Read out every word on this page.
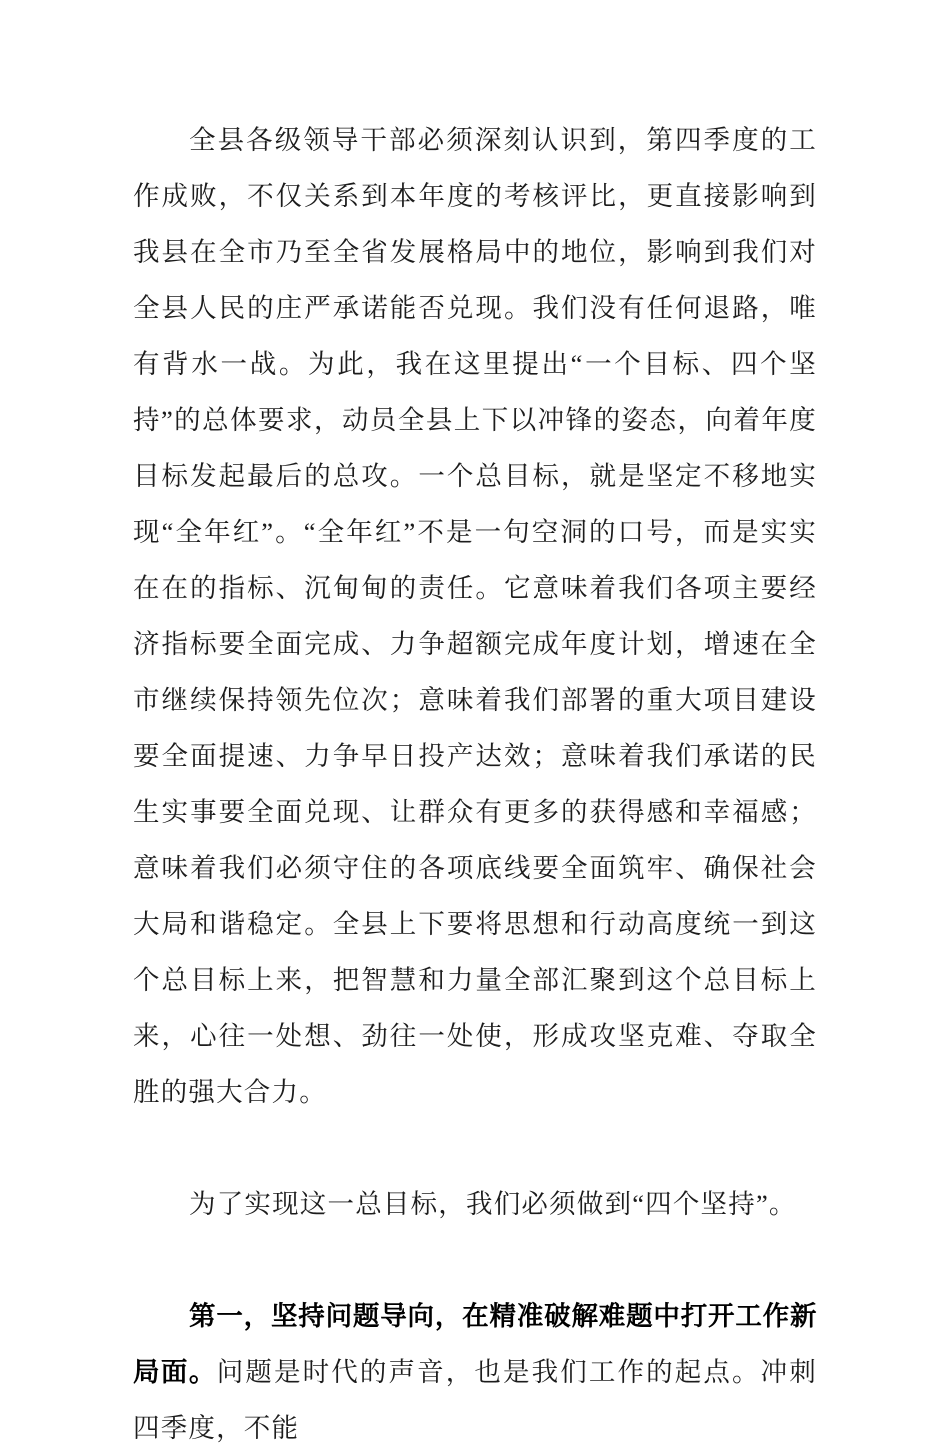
全县各级领导干部必须深刻认识到，第四季度的工作成败，不仅关系到本年度的考核评比，更直接影响到我县在全市乃至全省发展格局中的地位，影响到我们对全县人民的庄严承诺能否兑现。我们没有任何退路，唯有背水一战。为此，我在这里提出“一个目标、四个坚持”的总体要求，动员全县上下以冲锋的姿态，向着年度目标发起最后的总攻。一个总目标，就是坚定不移地实现“全年红”。“全年红”不是一句空洞的口号，而是实实在在的指标、沉甸甸的责任。它意味着我们各项主要经济指标要全面完成、力争超额完成年度计划，增速在全市继续保持领先位次；意味着我们部署的重大项目建设要全面提速、力争早日投产达效；意味着我们承诺的民生实事要全面兑现、让群众有更多的获得感和幸福感；意味着我们必须守住的各项底线要全面筑牢、确保社会大局和谐稳定。全县上下要将思想和行动高度统一到这个总目标上来，把智慧和力量全部汇聚到这个总目标上来，心往一处想、劲往一处使，形成攻坚克难、夺取全胜的强大合力。

为了实现这一总目标，我们必须做到“四个坚持”。

第一，坚持问题导向，在精准破解难题中打开工作新局面。问题是时代的声音，也是我们工作的起点。冲刺四季度，不能
